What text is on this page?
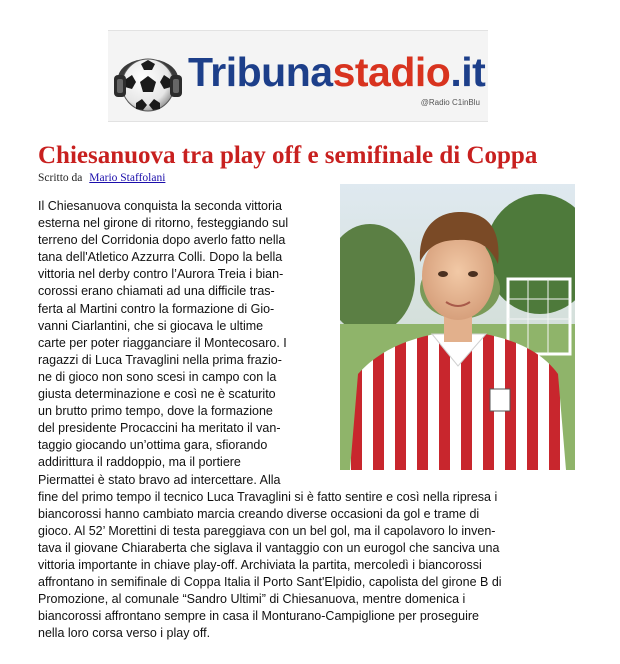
Tribunastadio.it
@Radio C1inBlu
Chiesanuova tra play off e semifinale di Coppa
Scritto da Mario Staffolani
Il Chiesanuova conquista la seconda vittoria
esterna nel girone di ritorno, festeggiando sul
terreno del Corridonia dopo averlo fatto nella
tana dell'Atletico Azzurra Colli. Dopo la bella
vittoria nel derby contro l’Aurora Treia i bian-
corossi erano chiamati ad una difficile tras-
ferta al Martini contro la formazione di Gio-
vanni Ciarlantini, che si giocava le ultime
carte per poter riagganciare il Montecosaro. I
ragazzi di Luca Travaglini nella prima frazio-
ne di gioco non sono scesi in campo con la
giusta determinazione e così ne è scaturito
un brutto primo tempo, dove la formazione
del presidente Procaccini ha meritato il van-
taggio giocando un’ottima gara, sfiorando
addirittura il raddoppio, ma il portiere
Piermattei è stato bravo ad intercettare. Alla
fine del primo tempo il tecnico Luca Travaglini si è fatto sentire e così nella ripresa i
biancorossi hanno cambiato marcia creando diverse occasioni da gol e trame di
gioco. Al 52’ Morettini di testa pareggiava con un bel gol, ma il capolavoro lo inven-
tava il giovane Chiaraberta che siglava il vantaggio con un eurogol che sanciva una
vittoria importante in chiave play-off. Archiviata la partita, mercoledì i biancorossi
affrontano in semifinale di Coppa Italia il Porto Sant'Elpidio, capolista del girone B di
Promozione, al comunale “Sandro Ultimi” di Chiesanuova, mentre domenica i
biancorossi affrontano sempre in casa il Monturano-Campiglione per proseguire
nella loro corsa verso i play off.
